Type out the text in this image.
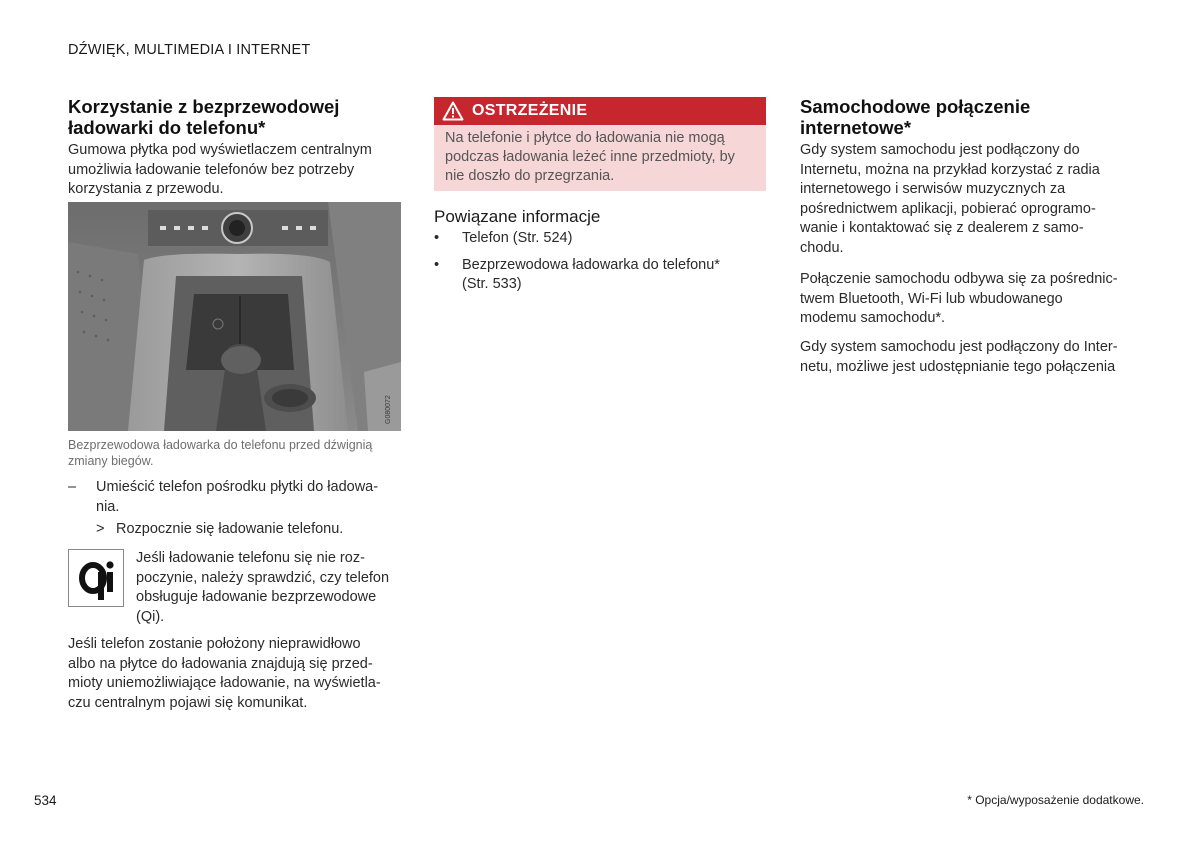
DŹWIĘK, MULTIMEDIA I INTERNET
Korzystanie z bezprzewodowej
ładowarki do telefonu*

Gumowa płytka pod wyświetlaczem centralnym

umożliwia ładowanie telefonów bez potrzeby

korzystania z przewodu.

G080072
Bezprzewodowa ładowarka do telefonu przed dźwignią
zmiany biegów.
–	Umieścić telefon pośrodku płytki do ładowa-

nia.

> Rozpocznie się ładowanie telefonu.

Jeśli ładowanie telefonu się nie roz-

poczynie, należy sprawdzić, czy telefon

obsługuje ładowanie bezprzewodowe

(Qi).

Jeśli telefon zostanie położony nieprawidłowo

albo na płytce do ładowania znajdują się przed-

mioty uniemożliwiające ładowanie, na wyświetla-

czu centralnym pojawi się komunikat.

OSTRZEŻENIE
Na telefonie i płytce do ładowania nie mogą
podczas ładowania leżeć inne przedmioty, by
nie doszło do przegrzania.
Powiązane informacje
•	Telefon (Str. 524)
•	Bezprzewodowa ładowarka do telefonu*
(Str. 533)
Samochodowe połączenie
internetowe*

Gdy system samochodu jest podłączony do

Internetu, można na przykład korzystać z radia

internetowego i serwisów muzycznych za

pośrednictwem aplikacji, pobierać oprogramo-

wanie i kontaktować się z dealerem z samo-

chodu.

Połączenie samochodu odbywa się za pośrednic-

twem Bluetooth, Wi-Fi lub wbudowanego

modemu samochodu*.

Gdy system samochodu jest podłączony do Inter-

netu, możliwe jest udostępnianie tego połączenia

534	* Opcja/wyposażenie dodatkowe.
